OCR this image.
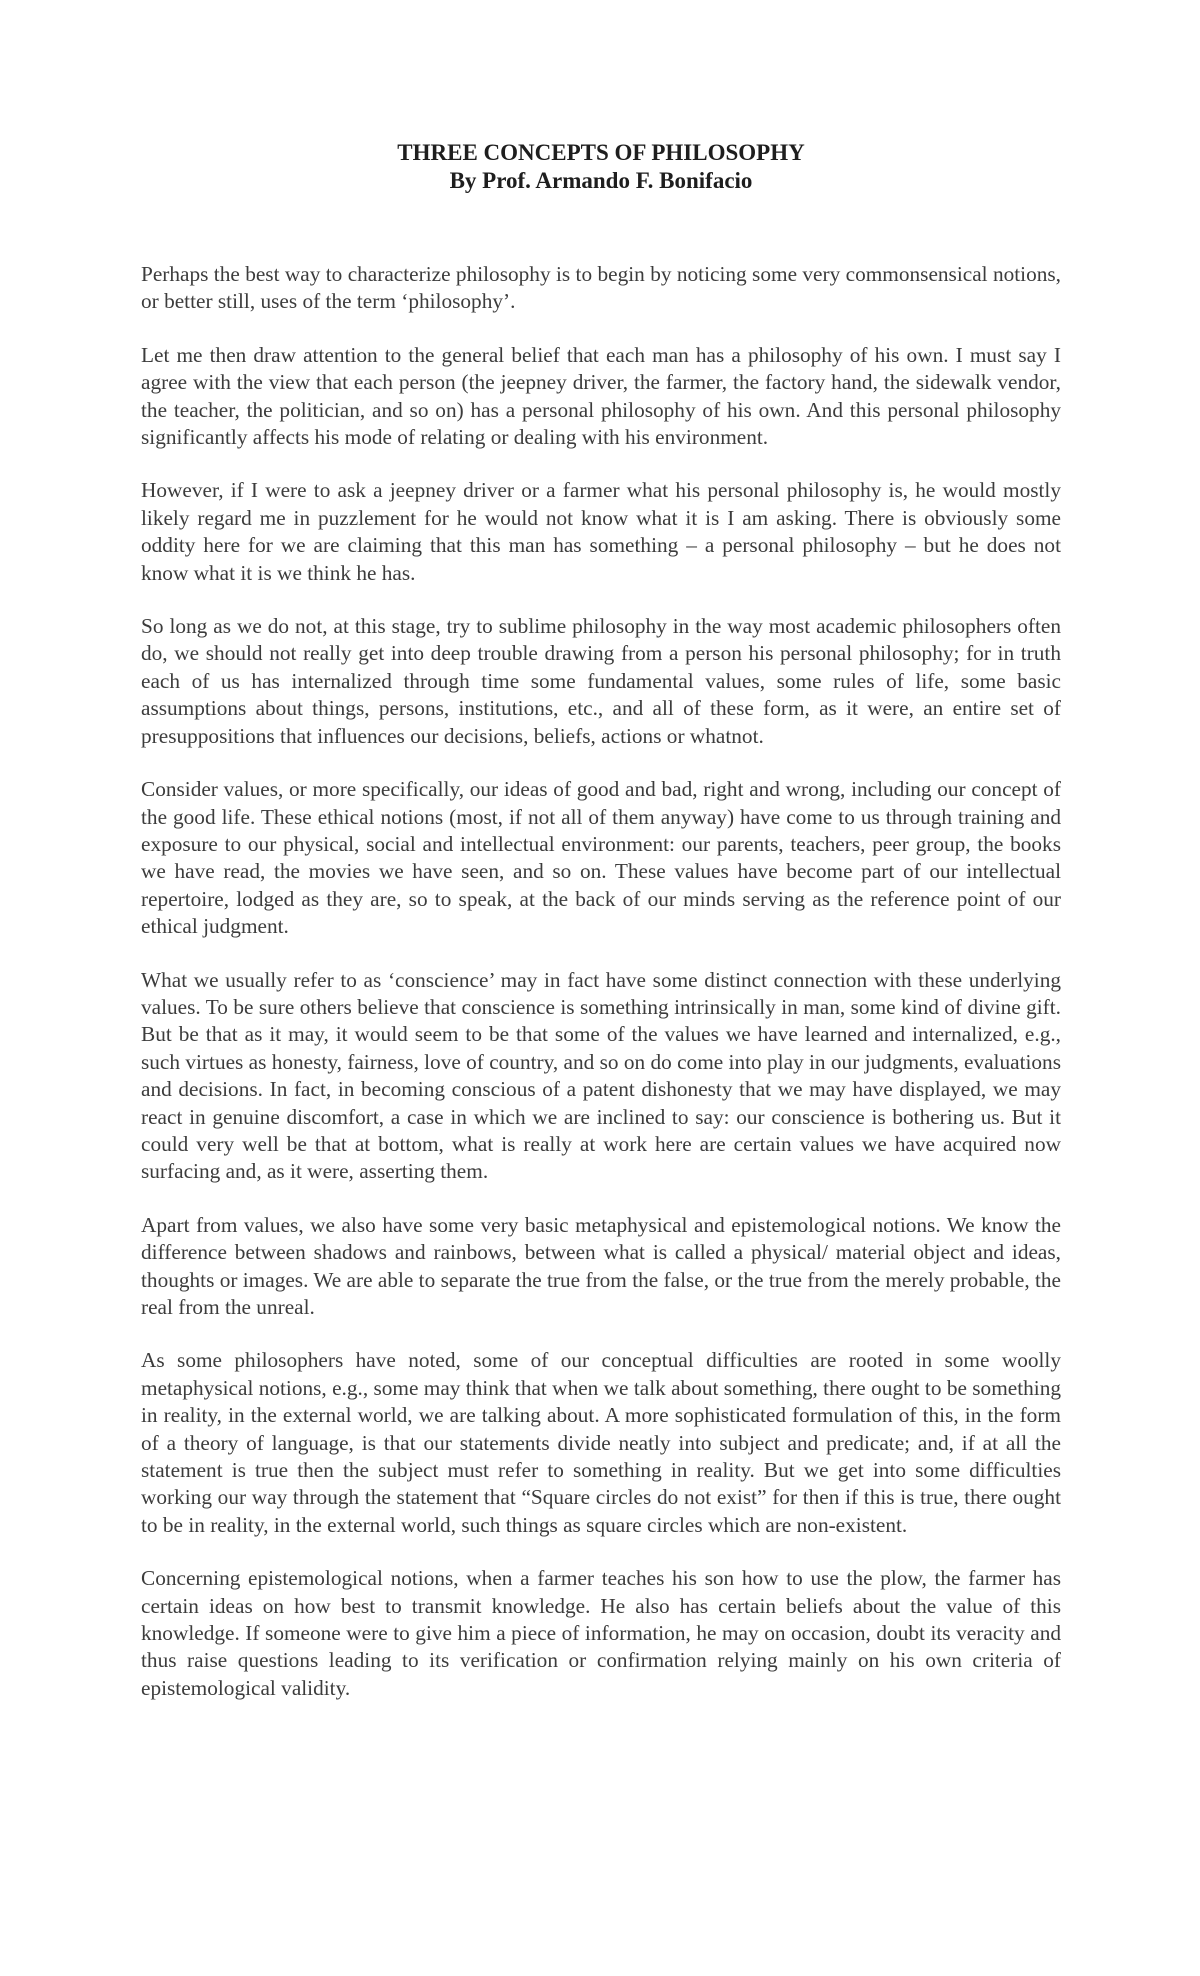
THREE CONCEPTS OF PHILOSOPHY
By Prof. Armando F. Bonifacio

Perhaps the best way to characterize philosophy is to begin by noticing some very commonsensical notions, or better still, uses of the term ‘philosophy’.

Let me then draw attention to the general belief that each man has a philosophy of his own. I must say I agree with the view that each person (the jeepney driver, the farmer, the factory hand, the sidewalk vendor, the teacher, the politician, and so on) has a personal philosophy of his own. And this personal philosophy significantly affects his mode of relating or dealing with his environment.

However, if I were to ask a jeepney driver or a farmer what his personal philosophy is, he would mostly likely regard me in puzzlement for he would not know what it is I am asking. There is obviously some oddity here for we are claiming that this man has something – a personal philosophy – but he does not know what it is we think he has.

So long as we do not, at this stage, try to sublime philosophy in the way most academic philosophers often do, we should not really get into deep trouble drawing from a person his personal philosophy; for in truth each of us has internalized through time some fundamental values, some rules of life, some basic assumptions about things, persons, institutions, etc., and all of these form, as it were, an entire set of presuppositions that influences our decisions, beliefs, actions or whatnot.

Consider values, or more specifically, our ideas of good and bad, right and wrong, including our concept of the good life. These ethical notions (most, if not all of them anyway) have come to us through training and exposure to our physical, social and intellectual environment: our parents, teachers, peer group, the books we have read, the movies we have seen, and so on. These values have become part of our intellectual repertoire, lodged as they are, so to speak, at the back of our minds serving as the reference point of our ethical judgment.

What we usually refer to as ‘conscience’ may in fact have some distinct connection with these underlying values. To be sure others believe that conscience is something intrinsically in man, some kind of divine gift. But be that as it may, it would seem to be that some of the values we have learned and internalized, e.g., such virtues as honesty, fairness, love of country, and so on do come into play in our judgments, evaluations and decisions. In fact, in becoming conscious of a patent dishonesty that we may have displayed, we may react in genuine discomfort, a case in which we are inclined to say: our conscience is bothering us. But it could very well be that at bottom, what is really at work here are certain values we have acquired now surfacing and, as it were, asserting them.

Apart from values, we also have some very basic metaphysical and epistemological notions. We know the difference between shadows and rainbows, between what is called a physical/ material object and ideas, thoughts or images. We are able to separate the true from the false, or the true from the merely probable, the real from the unreal.

As some philosophers have noted, some of our conceptual difficulties are rooted in some woolly metaphysical notions, e.g., some may think that when we talk about something, there ought to be something in reality, in the external world, we are talking about. A more sophisticated formulation of this, in the form of a theory of language, is that our statements divide neatly into subject and predicate; and, if at all the statement is true then the subject must refer to something in reality. But we get into some difficulties working our way through the statement that “Square circles do not exist” for then if this is true, there ought to be in reality, in the external world, such things as square circles which are non-existent.

Concerning epistemological notions, when a farmer teaches his son how to use the plow, the farmer has certain ideas on how best to transmit knowledge. He also has certain beliefs about the value of this knowledge. If someone were to give him a piece of information, he may on occasion, doubt its veracity and thus raise questions leading to its verification or confirmation relying mainly on his own criteria of epistemological validity.
